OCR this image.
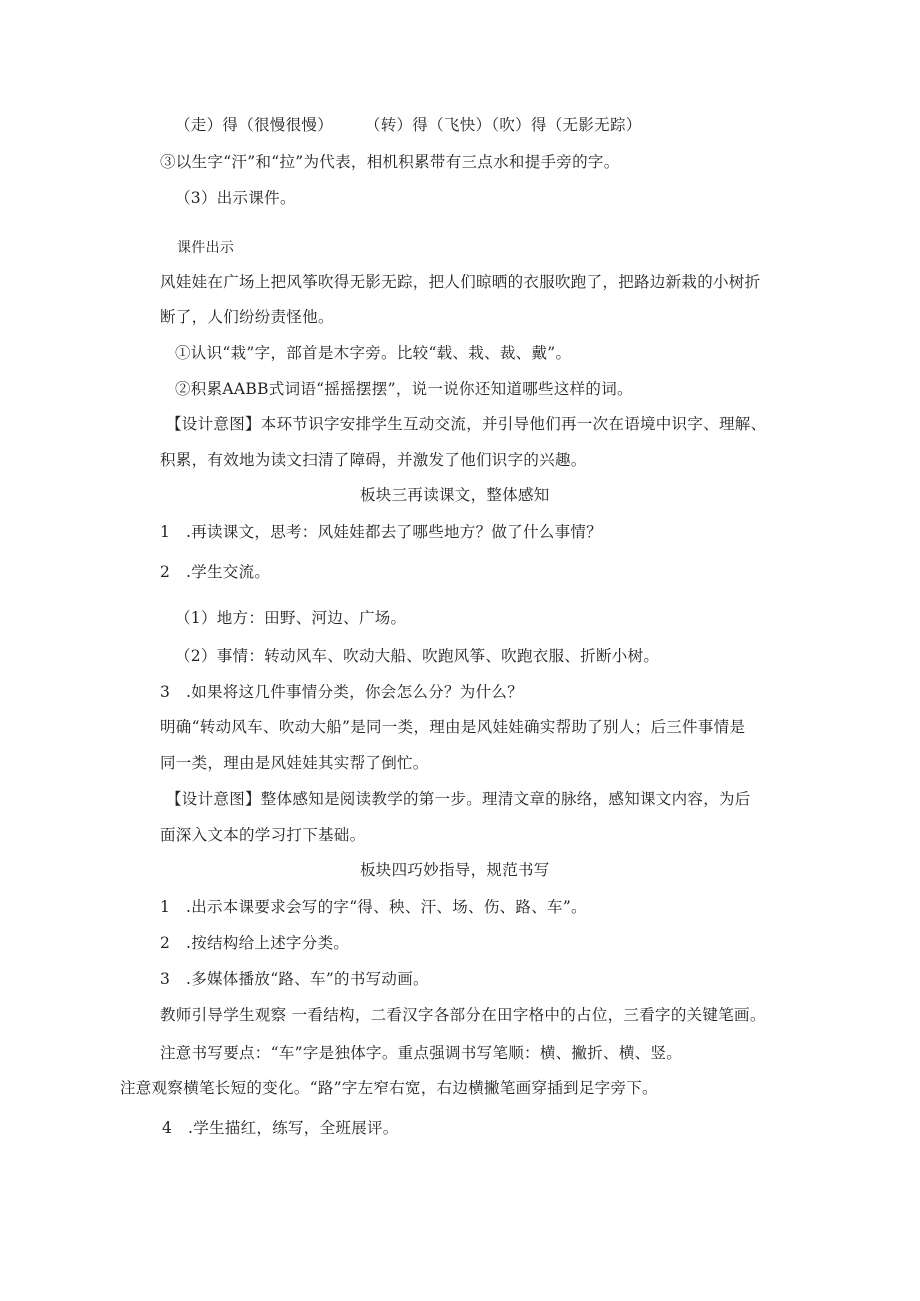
（走）得（很慢很慢）　　　（转）得（飞快）（吹）得（无影无踪）
③以生字“汗”和“拉”为代表，相机积累带有三点水和提手旁的字。
（3）出示课件。
课件出示
风娃娃在广场上把风筝吹得无影无踪，把人们晾晒的衣服吹跑了，把路边新栽的小树折
断了，人们纷纷责怪他。
①认识“栽”字，部首是木字旁。比较“载、栽、裁、戴”。
②积累AABB式词语“摇摇摆摆”，说一说你还知道哪些这样的词。
【设计意图】本环节识字安排学生互动交流，并引导他们再一次在语境中识字、理解、
积累，有效地为读文扫清了障碍，并激发了他们识字的兴趣。
板块三再读课文，整体感知
1　.再读课文，思考：风娃娃都去了哪些地方？做了什么事情？
2　.学生交流。
（1）地方：田野、河边、广场。
（2）事情：转动风车、吹动大船、吹跑风筝、吹跑衣服、折断小树。
3　.如果将这几件事情分类，你会怎么分？为什么？
明确“转动风车、吹动大船”是同一类，理由是风娃娃确实帮助了别人；后三件事情是
同一类，理由是风娃娃其实帮了倒忙。
【设计意图】整体感知是阅读教学的第一步。理清文章的脉络，感知课文内容，为后
面深入文本的学习打下基础。
板块四巧妙指导，规范书写
1　.出示本课要求会写的字“得、秧、汗、场、伤、路、车”。
2　.按结构给上述字分类。
3　.多媒体播放“路、车”的书写动画。
教师引导学生观察 一看结构，二看汉字各部分在田字格中的占位，三看字的关键笔画。
注意书写要点：“车”字是独体字。重点强调书写笔顺：横、撇折、横、竖。
注意观察横笔长短的变化。“路”字左窄右宽，右边横撇笔画穿插到足字旁下。
4　.学生描红，练写，全班展评。
